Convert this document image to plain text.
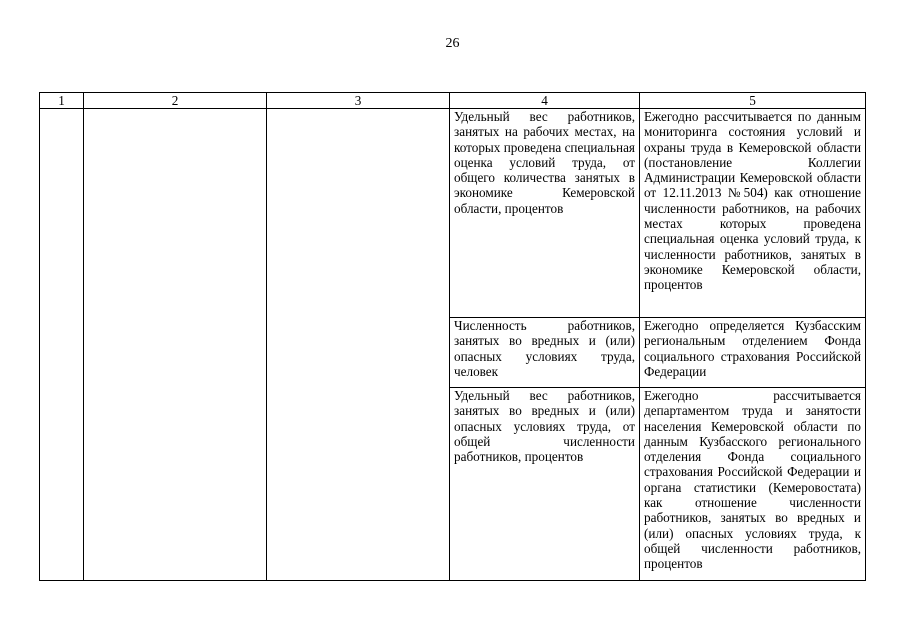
26
1	2	3	4	5
			Удельный вес работников, занятых на рабочих местах, на которых проведена специальная оценка условий труда, от общего количества занятых в экономике Кемеровской области, процентов	Ежегодно рассчитывается по данным мониторинга состояния условий и охраны труда в Кемеровской области (постановление Коллегии Администрации Кемеровской области от 12.11.2013 №504) как отношение численности работников, на рабочих местах которых проведена специальная оценка условий труда, к численности работников, занятых в экономике Кемеровской области, процентов
			Численность работников, занятых во вредных и (или) опасных условиях труда, человек	Ежегодно определяется Кузбасским региональным отделением Фонда социального страхования Российской Федерации
			Удельный вес работников, занятых во вредных и (или) опасных условиях труда, от общей численности работников, процентов	Ежегодно рассчитывается департаментом труда и занятости населения Кемеровской области по данным Кузбасского регионального отделения Фонда социального страхования Российской Федерации и органа статистики (Кемеровостата) как отношение численности работников, занятых во вредных и (или) опасных условиях труда, к общей численности работников, процентов
